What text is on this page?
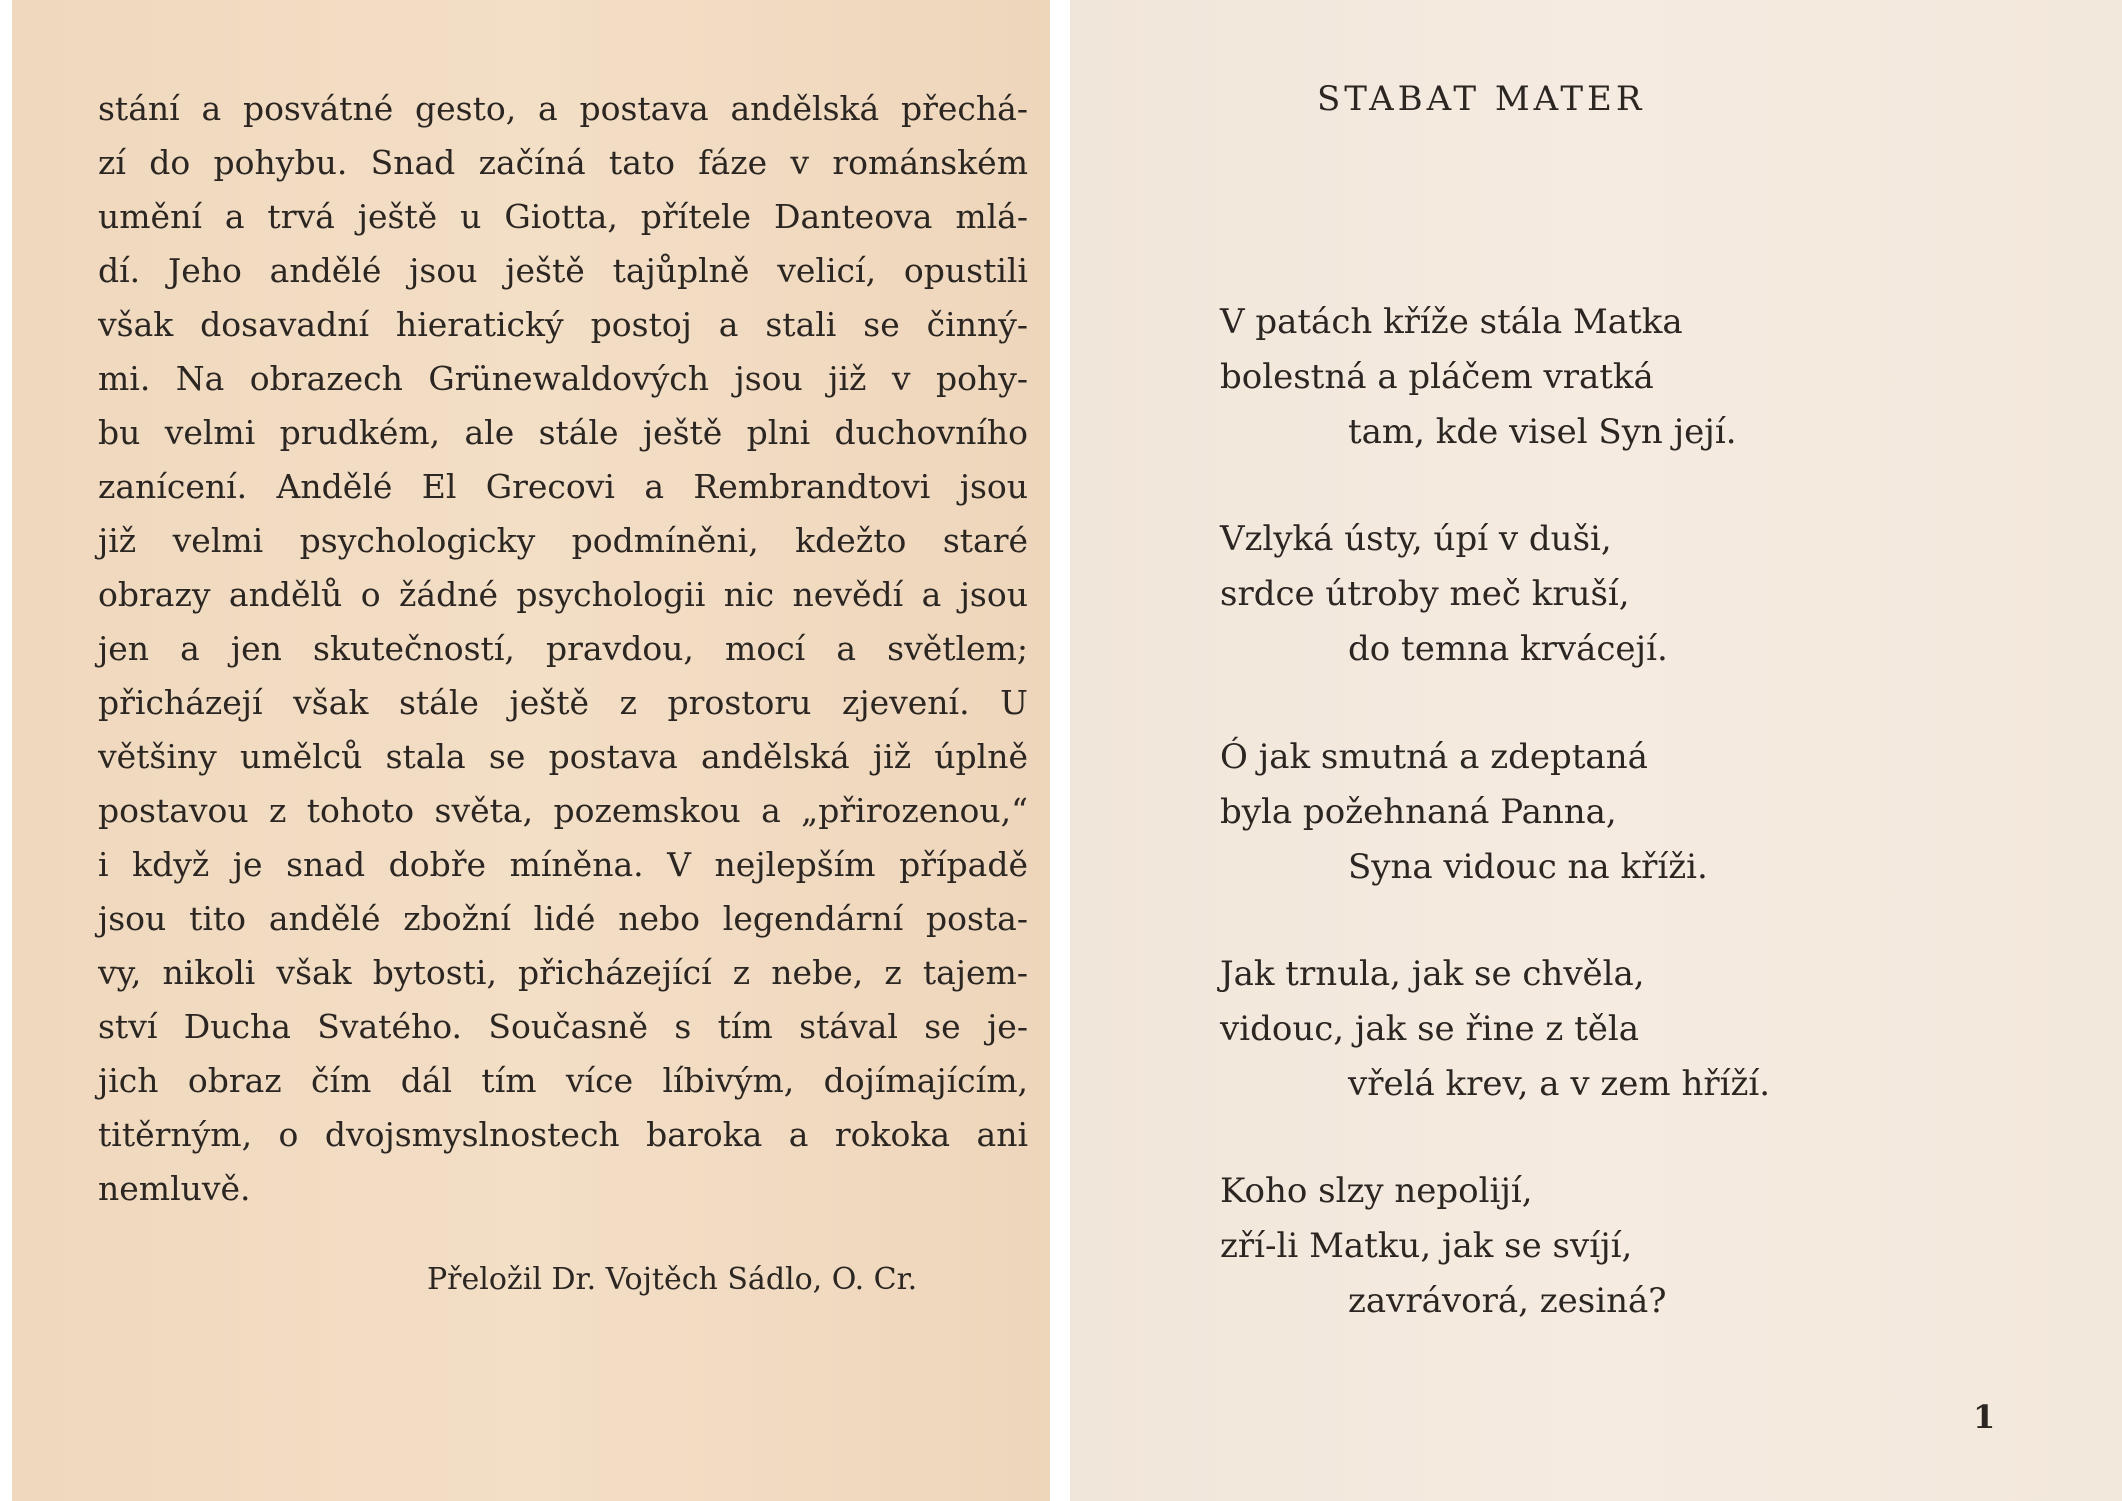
stání a posvátné gesto, a postava andělská přechá-
zí do pohybu. Snad začíná tato fáze v románském
umění a trvá ještě u Giotta, přítele Danteova mlá-
dí. Jeho andělé jsou ještě tajůplně velicí, opustili
však dosavadní hieratický postoj a stali se činný-
mi. Na obrazech Grünewaldových jsou již v pohy-
bu velmi prudkém, ale stále ještě plni duchovního
zanícení. Andělé El Grecovi a Rembrandtovi jsou
již velmi psychologicky podmíněni, kdežto staré
obrazy andělů o žádné psychologii nic nevědí a jsou
jen a jen skutečností, pravdou, mocí a světlem;
přicházejí však stále ještě z prostoru zjevení. U
většiny umělců stala se postava andělská již úplně
postavou z tohoto světa, pozemskou a „přirozenou,“
i když je snad dobře míněna. V nejlepším případě
jsou tito andělé zbožní lidé nebo legendární posta-
vy, nikoli však bytosti, přicházející z nebe, z tajem-
ství Ducha Svatého. Současně s tím stával se je-
jich obraz čím dál tím více líbivým, dojímajícím,
titěrným, o dvojsmyslnostech baroka a rokoka ani
nemluvě.
Přeložil Dr. Vojtěch Sádlo, O. Cr.
STABAT MATER
V patách kříže stála Matka
bolestná a pláčem vratká
tam, kde visel Syn její.
Vzlyká ústy, úpí v duši,
srdce útroby meč kruší,
do temna krvácejí.
Ó jak smutná a zdeptaná
byla požehnaná Panna,
Syna vidouc na kříži.
Jak trnula, jak se chvěla,
vidouc, jak se řine z těla
vřelá krev, a v zem hříží.
Koho slzy nepolijí,
zří-li Matku, jak se svíjí,
zavrávorá, zesiná?
1
